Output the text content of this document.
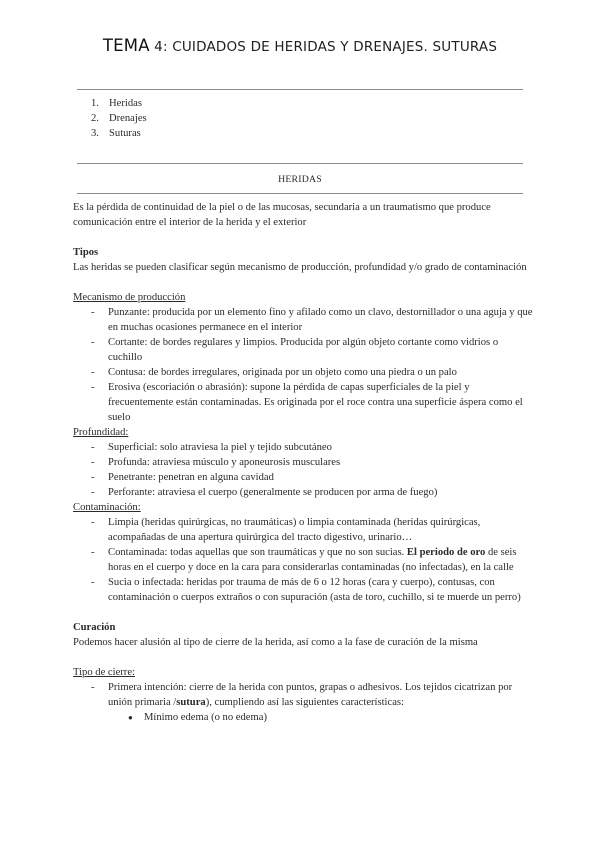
TEMA 4: CUIDADOS DE HERIDAS Y DRENAJES. SUTURAS
1. Heridas
2. Drenajes
3. Suturas
HERIDAS

Es la pérdida de continuidad de la piel o de las mucosas, secundaria a un traumatismo que produce comunicación entre el interior de la herida y el exterior

Tipos

Las heridas se pueden clasificar según mecanismo de producción, profundidad y/o grado de contaminación

Mecanismo de producción

- Punzante: producida por un elemento fino y afilado como un clavo, destornillador o una aguja y que en muchas ocasiones permanece en el interior
- Cortante: de bordes regulares y limpios. Producida por algún objeto cortante como vidrios o cuchillo
- Contusa: de bordes irregulares, originada por un objeto como una piedra o un palo
- Erosiva (escoriación o abrasión): supone la pérdida de capas superficiales de la piel y frecuentemente están contaminadas. Es originada por el roce contra una superficie áspera como el suelo

Profundidad:

- Superficial: solo atraviesa la piel y tejido subcutáneo
- Profunda: atraviesa músculo y aponeurosis musculares
- Penetrante: penetran en alguna cavidad
- Perforante: atraviesa el cuerpo (generalmente se producen por arma de fuego)

Contaminación:

- Limpia (heridas quirúrgicas, no traumáticas) o limpia contaminada (heridas quirúrgicas, acompañadas de una apertura quirúrgica del tracto digestivo, urinario…
- Contaminada: todas aquellas que son traumáticas y que no son sucias. El periodo de oro de seis horas en el cuerpo y doce en la cara para considerarlas contaminadas (no infectadas), en la calle
- Sucia o infectada: heridas por trauma de más de 6 o 12 horas (cara y cuerpo), contusas, con contaminación o cuerpos extraños o con supuración (asta de toro, cuchillo, si te muerde un perro)

Curación

Podemos hacer alusión al tipo de cierre de la herida, así como a la fase de curación de la misma

Tipo de cierre:

- Primera intención: cierre de la herida con puntos, grapas o adhesivos. Los tejidos cicatrizan por unión primaria /sutura), cumpliendo así las siguientes características:
● Mínimo edema (o no edema)
